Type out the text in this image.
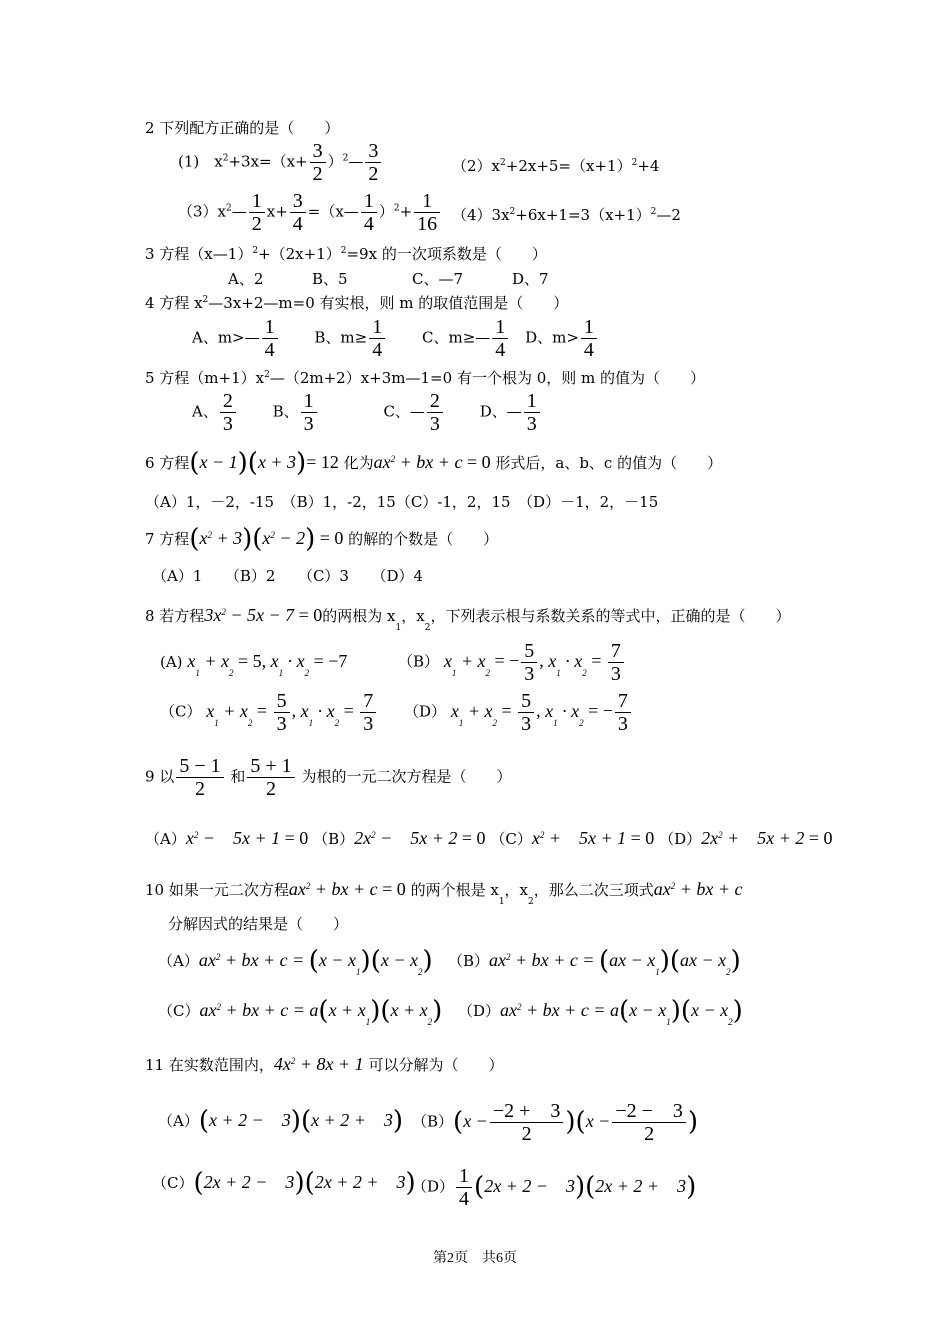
2 下列配方正确的是（　　）
(1)　$x^2+3x=(x+ \frac{3}{2}$ ）$^2— \frac{3}{2}$	$(2)x^2+2x+5=(x+1)^2+4$
$(3)x^2— \frac{1}{2} x+ \frac{3}{4}$ =（x— $\frac{1}{4} )^2+ \frac{1}{16}$ $(4)3x^2+6x+1=3(x+1)^2—2$
3 方程$(x—1)^2+(2x+1)^2=9x$ 的一次项系数是（　　）
A、2	B、5	C、—7	D、7
4 方程 $x^2—3x+2—m=0$ 有实根，则 m 的取值范围是（　　）
A、m>— $\frac{1}{4}$ B、$m\ge \frac{1}{4}$ C、m≥— $\frac{1}{4}$ D、$m> \frac{1}{4}$
5 方程$(m+1)x^2—(2m+2)x+3m—1=0$ 有一个根为 0，则 m 的值为（　　）
A、 $\frac{2}{3}$ B、 $\frac{1}{3}$	C、— $\frac{2}{3}$ D、— $\frac{1}{3}$
6 方程(x − 1)(x + 3)= 12 化为$ax^2$ + bx + c = 0 形式后，a、b、c 的值为（　　）
（A）1，－2，-15　（B）1，-2，15（C）-1，2，15　（D）－1，2，－15
7 方程$(x^2 + 3)(x^2 - 2) = 0$ 的解的个数是（　　）
（A）1　　（B）2　　（C）3　　（D）4
8 若方程$3x^2 - 5x - 7 = 0$的两根为 $x_1$，$x_2$，下列表示根与系数关系的等式中，正确的是（　　）
(A) $x_1 + x_2 = 5$, $x_1 \cdot x_2 = -7$	（B） $x_1 + x_2$ = − $\frac{5}{3}$ , $x_1 \cdot x_2 = \frac{7}{3}$
（C） $x_1 + x_2 = \frac{5}{3}$ , $x_1 \cdot x_2 = \frac{7}{3} (D) x_1 + x_2 = \frac{5}{3}$ , $x_1 \cdot x_2$ = − $\frac{7}{3}$
9 以 $\frac{5 - 1}{2}$ 和 $\frac{5 + 1}{2}$ 为根的一元二次方程是（　　）
$(A)x^2$ −　5x + 1 = 0 $(B)2x^2$ −　5x + 2 = 0 $(C)x^2$ +　5x + 1 = 0 $(D)2x^2$ +　5x + 2 = 0
10 如果一元二次方程$ax^2$ + bx + c = 0 的两个根是 $x_1$，$x_2$，那么二次三项式$ax^2$ + bx + c
分解因式的结果是（　　）
$(A)ax^2$ + bx + $c = (x - x_1)(x - x_2)$ $(B)ax^2$ + bx + $c = (ax - x_1)(ax - x_2)$
$(C)ax^2$ + bx + $c = a(x + x_1)(x + x_2)$ $(D)ax^2$ + bx + $c = a(x - x_1)(x - x_2)$
11 在实数范围内，$4x^2 + 8x + 1$ 可以分解为（　　）
（A）(x + 2 −　3)(x + 2 +　3) $(B)(x - \frac{-2 + 3}{2} )(x - \frac{-2 - 3}{2}$ )
（C）(2x + 2 −　3)(2x + 2 +　3)
$(D) \frac{1}{4} (2x + 2$ −　3)(2x + 2 +　3)
第2页　共6页
